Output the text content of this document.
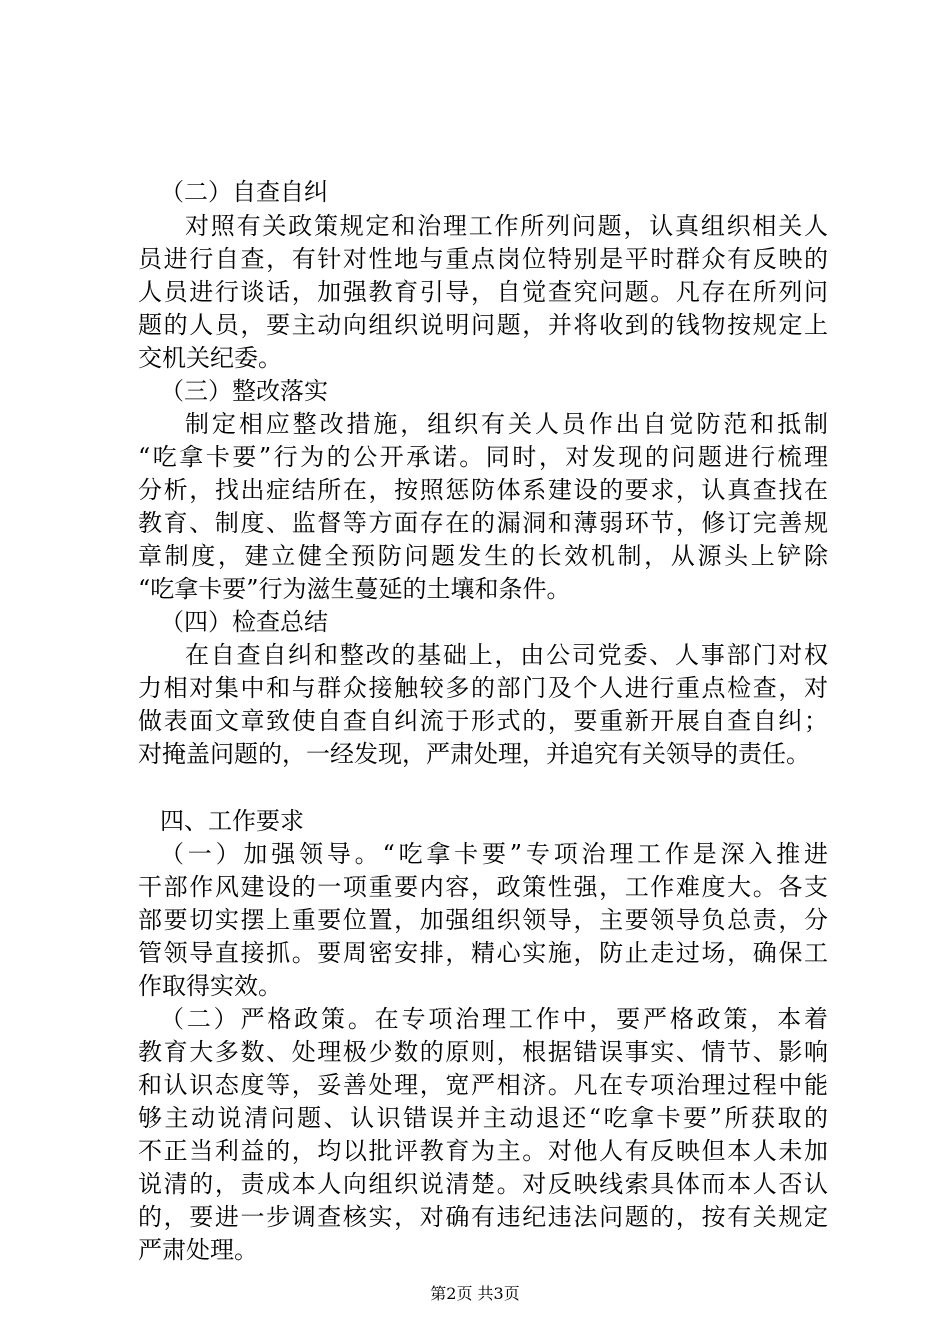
（二）自查自纠
对照有关政策规定和治理工作所列问题，认真组织相关人
员进行自查，有针对性地与重点岗位特别是平时群众有反映的
人员进行谈话，加强教育引导，自觉查究问题。凡存在所列问
题的人员，要主动向组织说明问题，并将收到的钱物按规定上
交机关纪委。
（三）整改落实
制定相应整改措施，组织有关人员作出自觉防范和抵制
“吃拿卡要”行为的公开承诺。同时，对发现的问题进行梳理
分析，找出症结所在，按照惩防体系建设的要求，认真查找在
教育、制度、监督等方面存在的漏洞和薄弱环节，修订完善规
章制度，建立健全预防问题发生的长效机制，从源头上铲除
“吃拿卡要”行为滋生蔓延的土壤和条件。
（四）检查总结
在自查自纠和整改的基础上，由公司党委、人事部门对权
力相对集中和与群众接触较多的部门及个人进行重点检查，对
做表面文章致使自查自纠流于形式的，要重新开展自查自纠；
对掩盖问题的，一经发现，严肃处理，并追究有关领导的责任。
四、工作要求
（一）加强领导。“吃拿卡要”专项治理工作是深入推进
干部作风建设的一项重要内容，政策性强，工作难度大。各支
部要切实摆上重要位置，加强组织领导，主要领导负总责，分
管领导直接抓。要周密安排，精心实施，防止走过场，确保工
作取得实效。
（二）严格政策。在专项治理工作中，要严格政策，本着
教育大多数、处理极少数的原则，根据错误事实、情节、影响
和认识态度等，妥善处理，宽严相济。凡在专项治理过程中能
够主动说清问题、认识错误并主动退还“吃拿卡要”所获取的
不正当利益的，均以批评教育为主。对他人有反映但本人未加
说清的，责成本人向组织说清楚。对反映线索具体而本人否认
的，要进一步调查核实，对确有违纪违法问题的，按有关规定
严肃处理。
第2页 共3页
